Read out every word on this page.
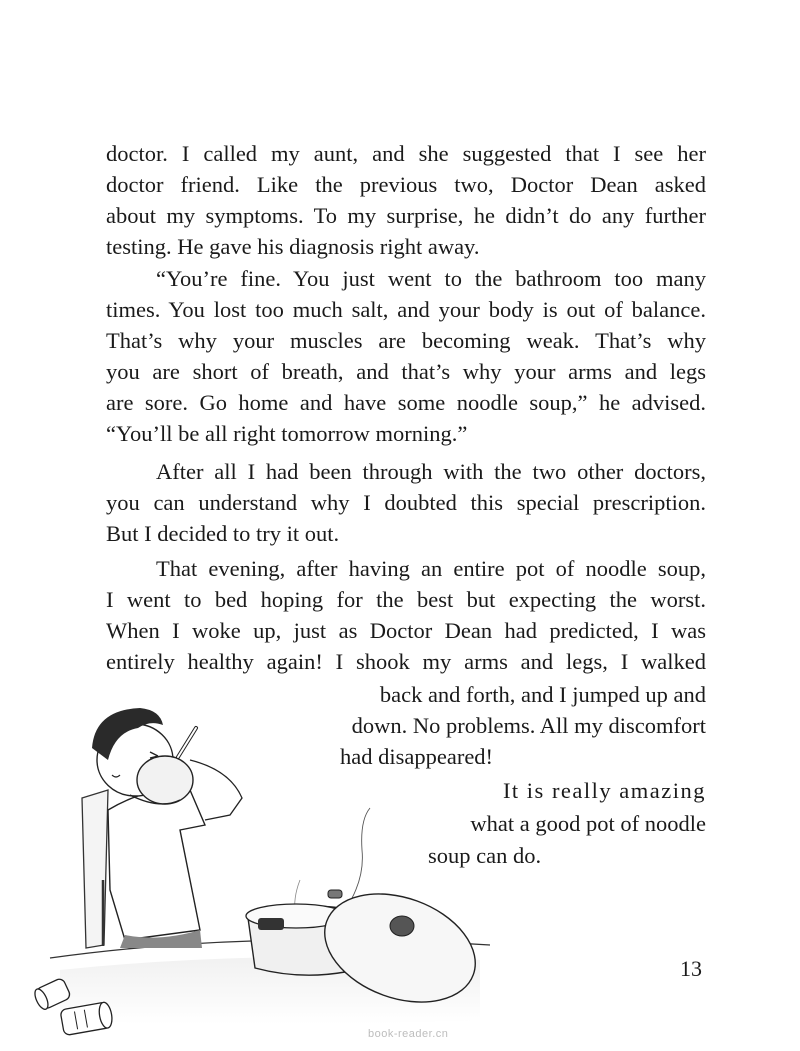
doctor. I called my aunt, and she suggested that I see her
doctor friend. Like the previous two, Doctor Dean asked
about my symptoms. To my surprise, he didn’t do any further
testing. He gave his diagnosis right away.
“You’re fine. You just went to the bathroom too many
times. You lost too much salt, and your body is out of balance.
That’s why your muscles are becoming weak. That’s why
you are short of breath, and that’s why your arms and legs
are sore. Go home and have some noodle soup,” he advised.
“You’ll be all right tomorrow morning.”
After all I had been through with the two other doctors,
you can understand why I doubted this special prescription.
But I decided to try it out.
That evening, after having an entire pot of noodle soup,
I went to bed hoping for the best but expecting the worst.
When I woke up, just as Doctor Dean had predicted, I was
entirely healthy again! I shook my arms and legs, I walked
back and forth, and I jumped up and
down. No problems. All my discomfort
had disappeared!
It is really amazing
what a good pot of noodle
soup can do.
13
book-reader.cn
